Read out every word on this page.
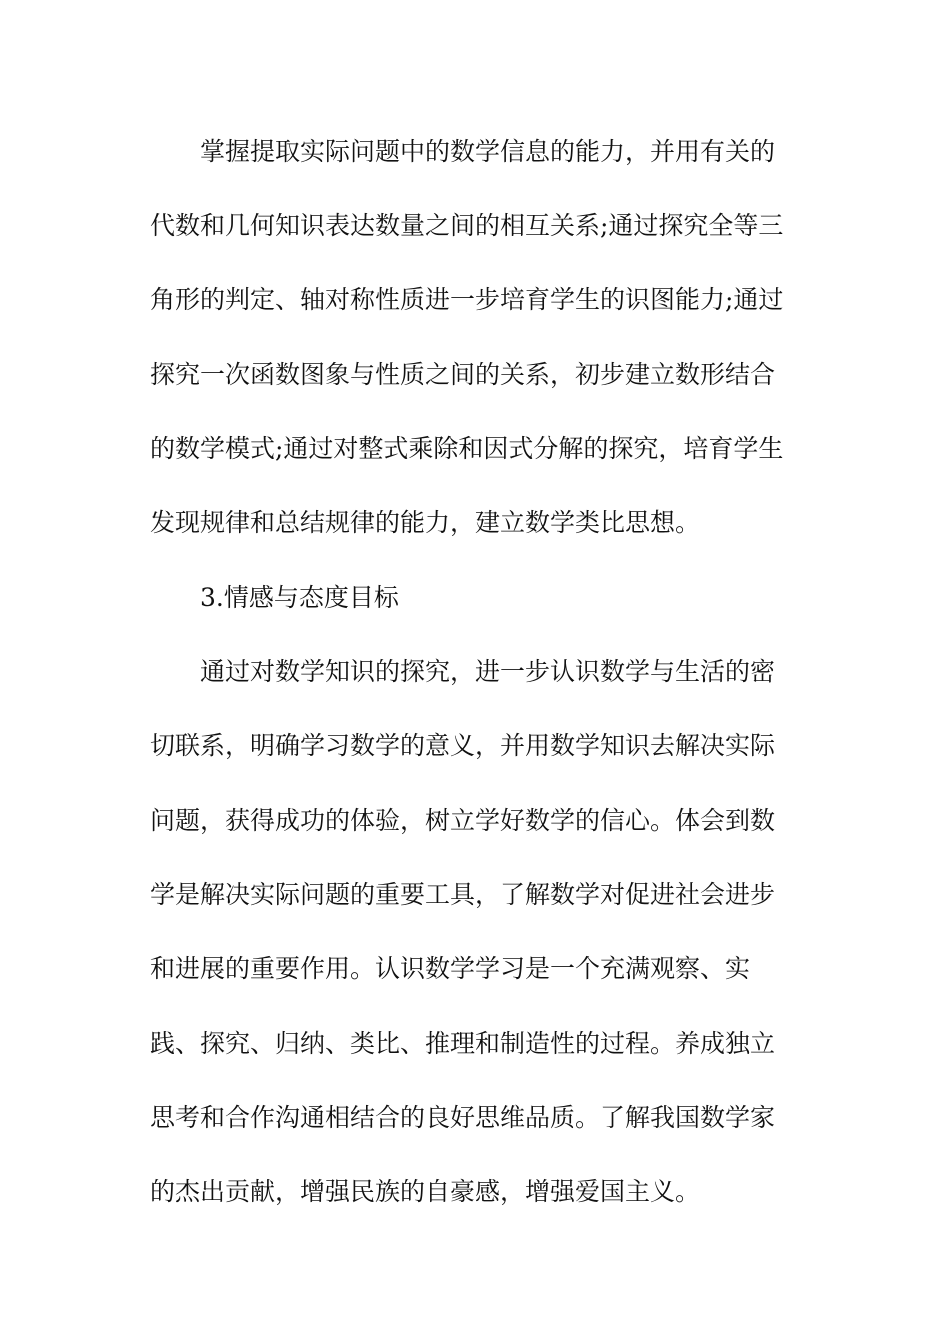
掌握提取实际问题中的数学信息的能力，并用有关的
代数和几何知识表达数量之间的相互关系;通过探究全等三
角形的判定、轴对称性质进一步培育学生的识图能力;通过
探究一次函数图象与性质之间的关系，初步建立数形结合
的数学模式;通过对整式乘除和因式分解的探究，培育学生
发现规律和总结规律的能力，建立数学类比思想。
3.情感与态度目标
通过对数学知识的探究，进一步认识数学与生活的密
切联系，明确学习数学的意义，并用数学知识去解决实际
问题，获得成功的体验，树立学好数学的信心。体会到数
学是解决实际问题的重要工具，了解数学对促进社会进步
和进展的重要作用。认识数学学习是一个充满观察、实
践、探究、归纳、类比、推理和制造性的过程。养成独立
思考和合作沟通相结合的良好思维品质。了解我国数学家
的杰出贡献，增强民族的自豪感，增强爱国主义。
